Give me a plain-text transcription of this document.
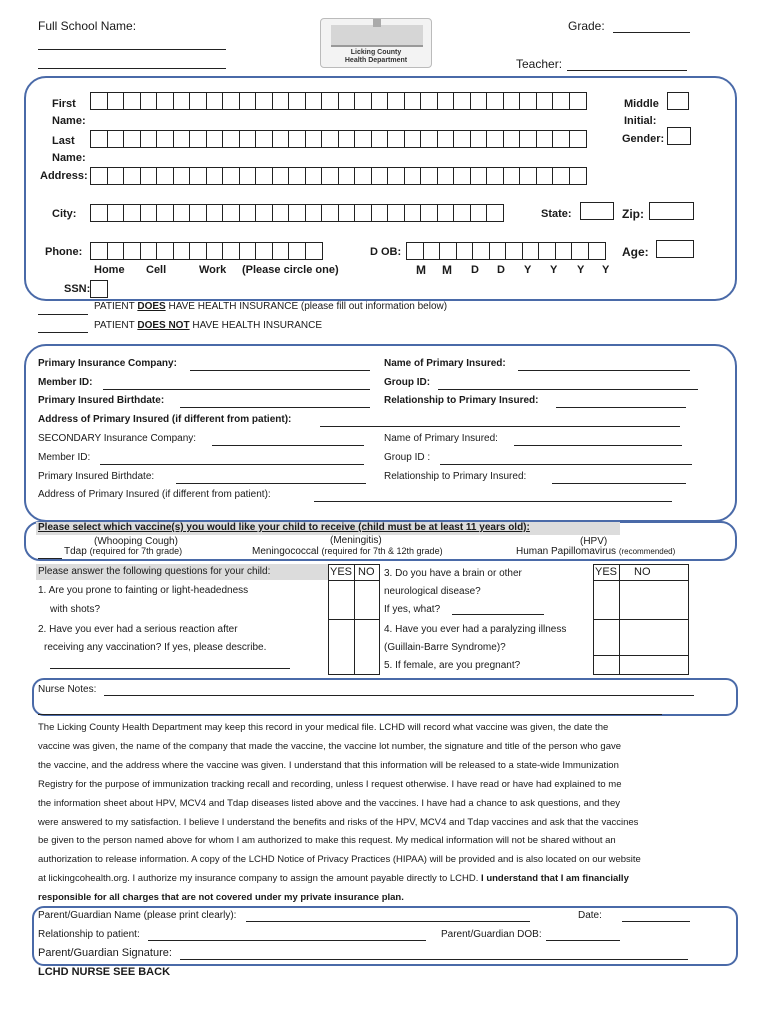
Full School Name:
Licking County
Health Department
Grade:
Teacher:
First Name:
Middle Initial:
Last Name:
Gender:
Address:
City:	State:	Zip:
Phone:	D OB:	Age:
Home Cell	Work (Please circle one)	M M D D Y Y Y Y
SSN:
PATIENT DOES HAVE HEALTH INSURANCE (please fill out information below)
PATIENT DOES NOT HAVE HEALTH INSURANCE
Primary Insurance Company:	Name of Primary Insured:
Member ID:	Group ID:
Primary Insured Birthdate:	Relationship to Primary Insured:
Address of Primary Insured (if different from patient):
SECONDARY Insurance Company:	Name of Primary Insured:
Member ID:	Group ID :
Primary Insured Birthdate:	Relationship to Primary Insured:
Address of Primary Insured (if different from patient):
Please select which vaccine(s) you would like your child to receive (child must be at least 11 years old):
(Whooping Cough)	(Meningitis)	(HPV)
Tdap (required for 7th grade)	Meningococcal (required for 7th & 12th grade)	Human Papillomavirus (recommended)
Please answer the following questions for your child:	YES NO
1. Are you prone to fainting or light-headedness
with shots?
2. Have you ever had a serious reaction after
receiving any vaccination? If yes, please describe.
3. Do you have a brain or other
neurological disease?
If yes, what?
4. Have you ever had a paralyzing illness
(Guillain-Barre Syndrome)?
5. If female, are you pregnant?
YES NO
Nurse Notes:
The Licking County Health Department may keep this record in your medical file. LCHD will record what vaccine was given, the date the
vaccine was given, the name of the company that made the vaccine, the vaccine lot number, the signature and title of the person who gave
the vaccine, and the address where the vaccine was given. I understand that this information will be released to a state-wide Immunization
Registry for the purpose of immunization tracking recall and recording, unless I request otherwise. I have read or have had explained to me
the information sheet about HPV, MCV4 and Tdap diseases listed above and the vaccines. I have had a chance to ask questions, and they
were answered to my satisfaction. I believe I understand the benefits and risks of the HPV, MCV4 and Tdap vaccines and ask that the vaccines
be given to the person named above for whom I am authorized to make this request. My medical information will not be shared without an
authorization to release information. A copy of the LCHD Notice of Privacy Practices (HIPAA) will be provided and is also located on our website
at lickingcohealth.org. I authorize my insurance company to assign the amount payable directly to LCHD. I understand that I am financially
responsible for all charges that are not covered under my private insurance plan.
Parent/Guardian Name (please print clearly):	Date:
Relationship to patient:	Parent/Guardian DOB:
Parent/Guardian Signature:
LCHD NURSE SEE BACK
